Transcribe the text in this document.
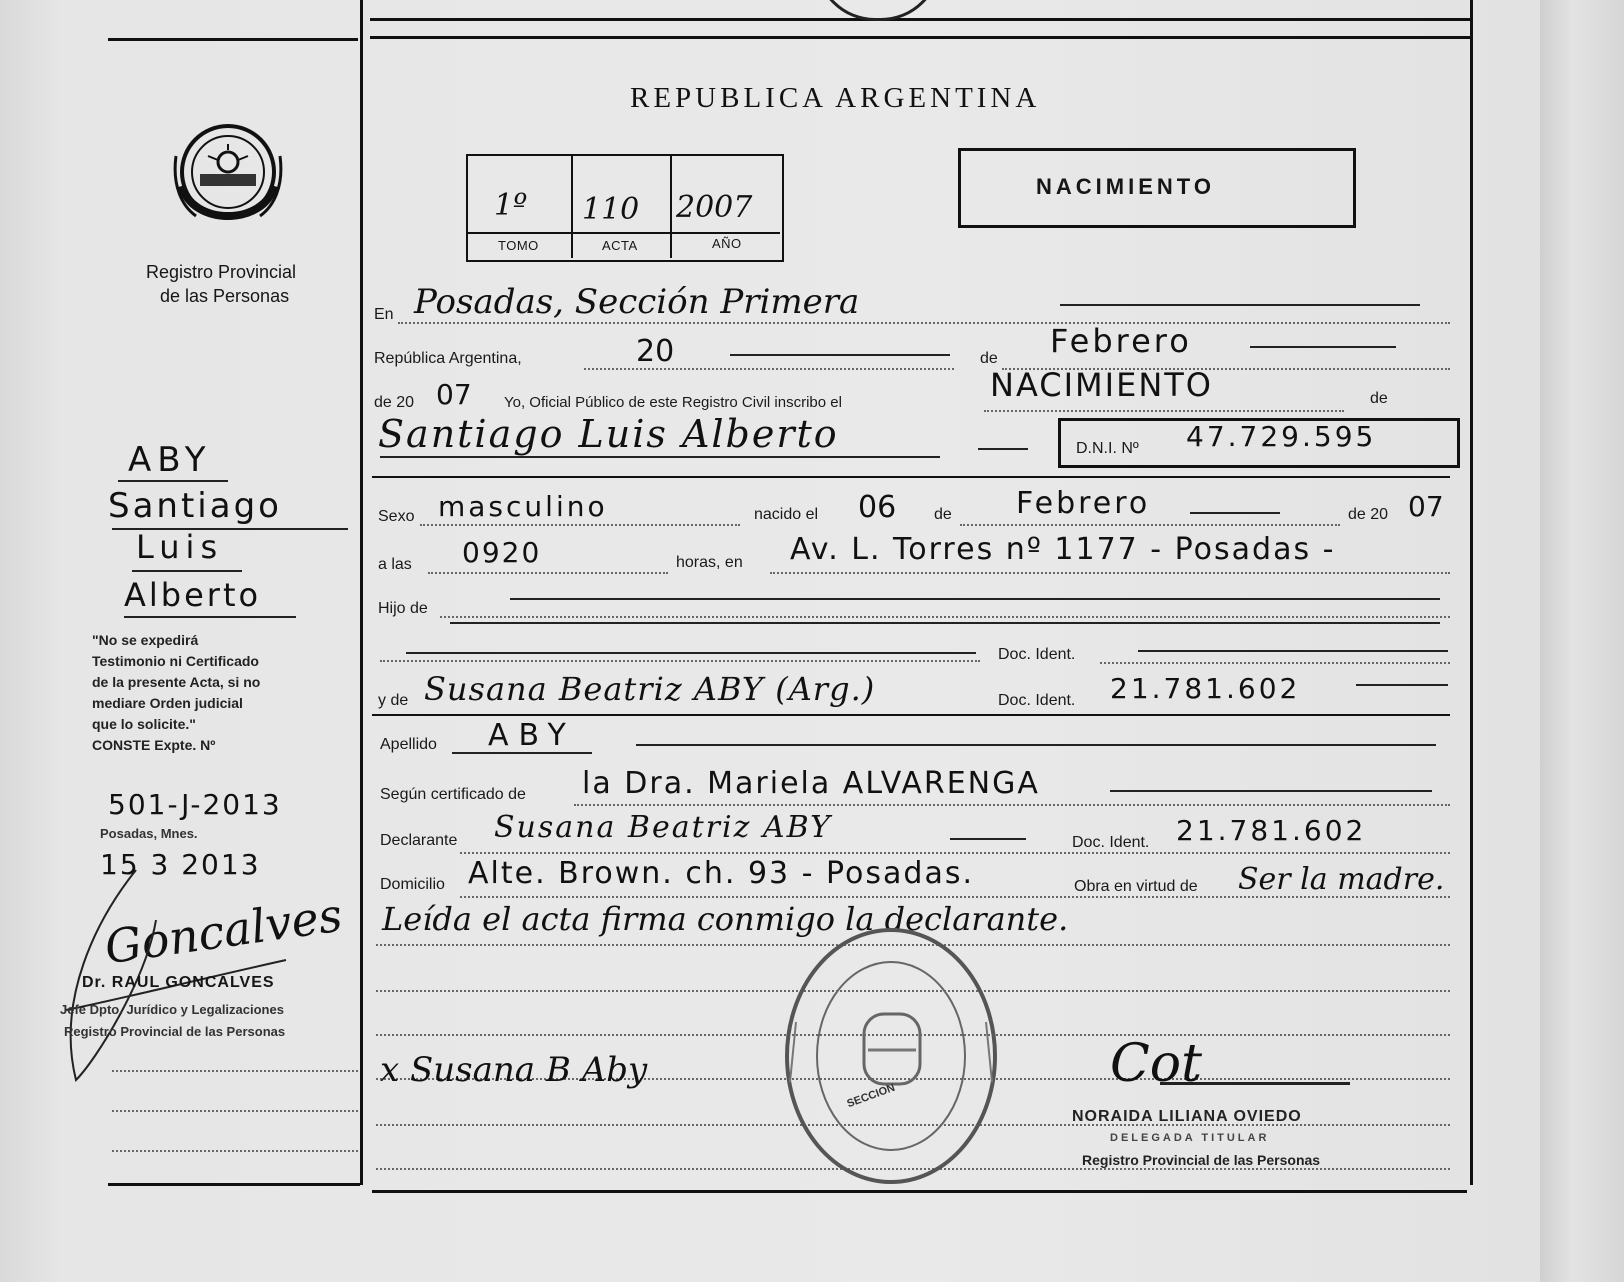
REPUBLICA ARGENTINA
1º 110 2007
TOMO	ACTA	AÑO
NACIMIENTO
Registro Provincial
de las Personas
ABY
Santiago
Luis
Alberto
"No se expedirá
Testimonio ni Certificado
de la presente Acta, si no
mediare Orden judicial
que lo solicite."
CONSTE Expte. Nº
501-J-2013
Posadas, Mnes.
15 3 2013
Goncalves
Dr. RAUL GONCALVES
Jefe Dpto. Jurídico y Legalizaciones
Registro Provincial de las Personas
En Posadas, Sección Primera
República Argentina,	20	de Febrero
de 20 07 Yo, Oficial Público de este Registro Civil inscribo el	NACIMIENTO	de
Santiago Luis Alberto	D.N.I. Nº 47.729.595
Sexo masculino	nacido el 06 de Febrero	de 20 07
a las 0920	horas, en Av. L. Torres nº 1177 - Posadas -
Hijo de
Doc. Ident.
y de Susana Beatriz ABY (Arg.)	Doc. Ident. 21.781.602
Apellido ABY
Según certificado de la Dra. Mariela ALVARENGA
Declarante Susana Beatriz ABY	Doc. Ident. 21.781.602
Domicilio Alte. Brown. ch. 93 - Posadas.	Obra en virtud de Ser la madre.
Leída el acta firma conmigo la declarante.
SECCION
x Susana B Aby	Cot
NORAIDA LILIANA OVIEDO
DELEGADA TITULAR
Registro Provincial de las Personas
